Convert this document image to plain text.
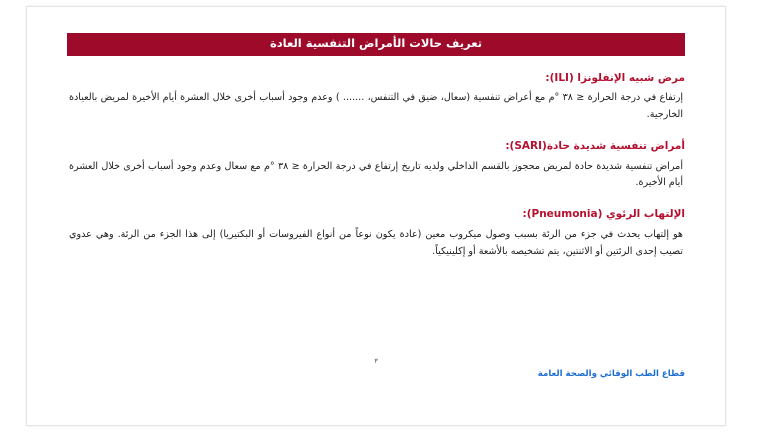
تعريف حالات الأمراض التنفسية العادة

مرض شبيه الإنفلونزا (ILI):

إرتفاع في درجة الحرارة ≤ ٣٨ °م مع أعراض تنفسية (سعال، ضيق في التنفس، ....... ) وعدم وجود أسباب أخرى خلال العشرة أيام الأخيرة لمريض بالعيادة الخارجية.

أمراض تنفسية شديدة حادة(SARI):

أمراض تنفسية شديدة حادة لمريض محجوز بالقسم الداخلي ولديه تاريخ إرتفاع في درجة الحرارة ≤ ٣٨ °م مع سعال وعدم وجود أسباب أخرى خلال العشرة أيام الأخيرة.

الإلتهاب الرئوي (Pneumonia):

هو إلتهاب يحدث في جزء من الرئة بسبب وصول ميكروب معين (عادة يكون نوعاً من أنواع الفيروسات أو البكتيريا) إلى هذا الجزء من الرئة. وهي عدوي تصيب إحدى الرئتين أو الاثنتين، يتم تشخيصه بالأشعة أو إكلينيكياً.

٣
قطاع الطب الوقائي والصحة العامة
